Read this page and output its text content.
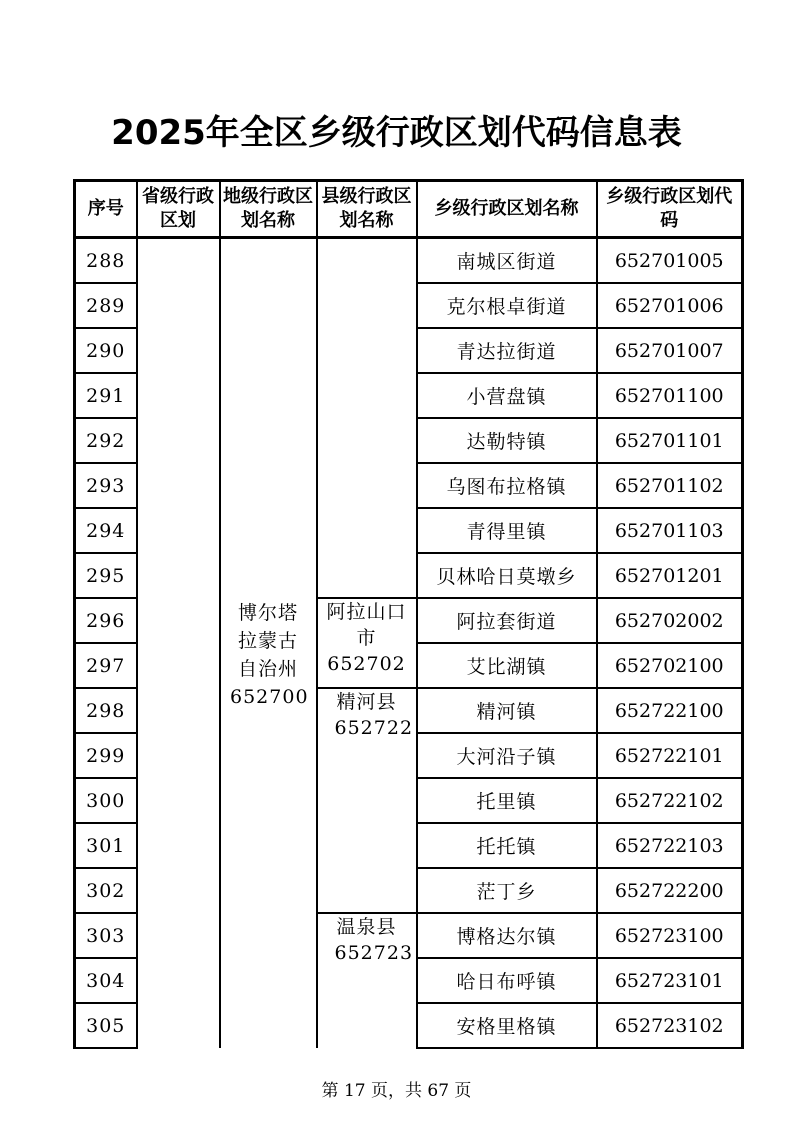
2025年全区乡级行政区划代码信息表
序号	省级行政区划	地级行政区划名称	县级行政区划名称	乡级行政区划名称	乡级行政区划代码
288		博尔塔拉蒙古自治州 652700		南城区街道	652701005
289				克尔根卓街道	652701006
290				青达拉街道	652701007
291				小营盘镇	652701100
292				达勒特镇	652701101
293				乌图布拉格镇	652701102
294				青得里镇	652701103
295				贝林哈日莫墩乡	652701201
296			阿拉山口市 652702	阿拉套街道	652702002
297				艾比湖镇	652702100
298			精河县 652722	精河镇	652722100
299				大河沿子镇	652722101
300				托里镇	652722102
301				托托镇	652722103
302				茫丁乡	652722200
303			温泉县 652723	博格达尔镇	652723100
304				哈日布呼镇	652723101
305				安格里格镇	652723102
第 17 页，共 67 页
